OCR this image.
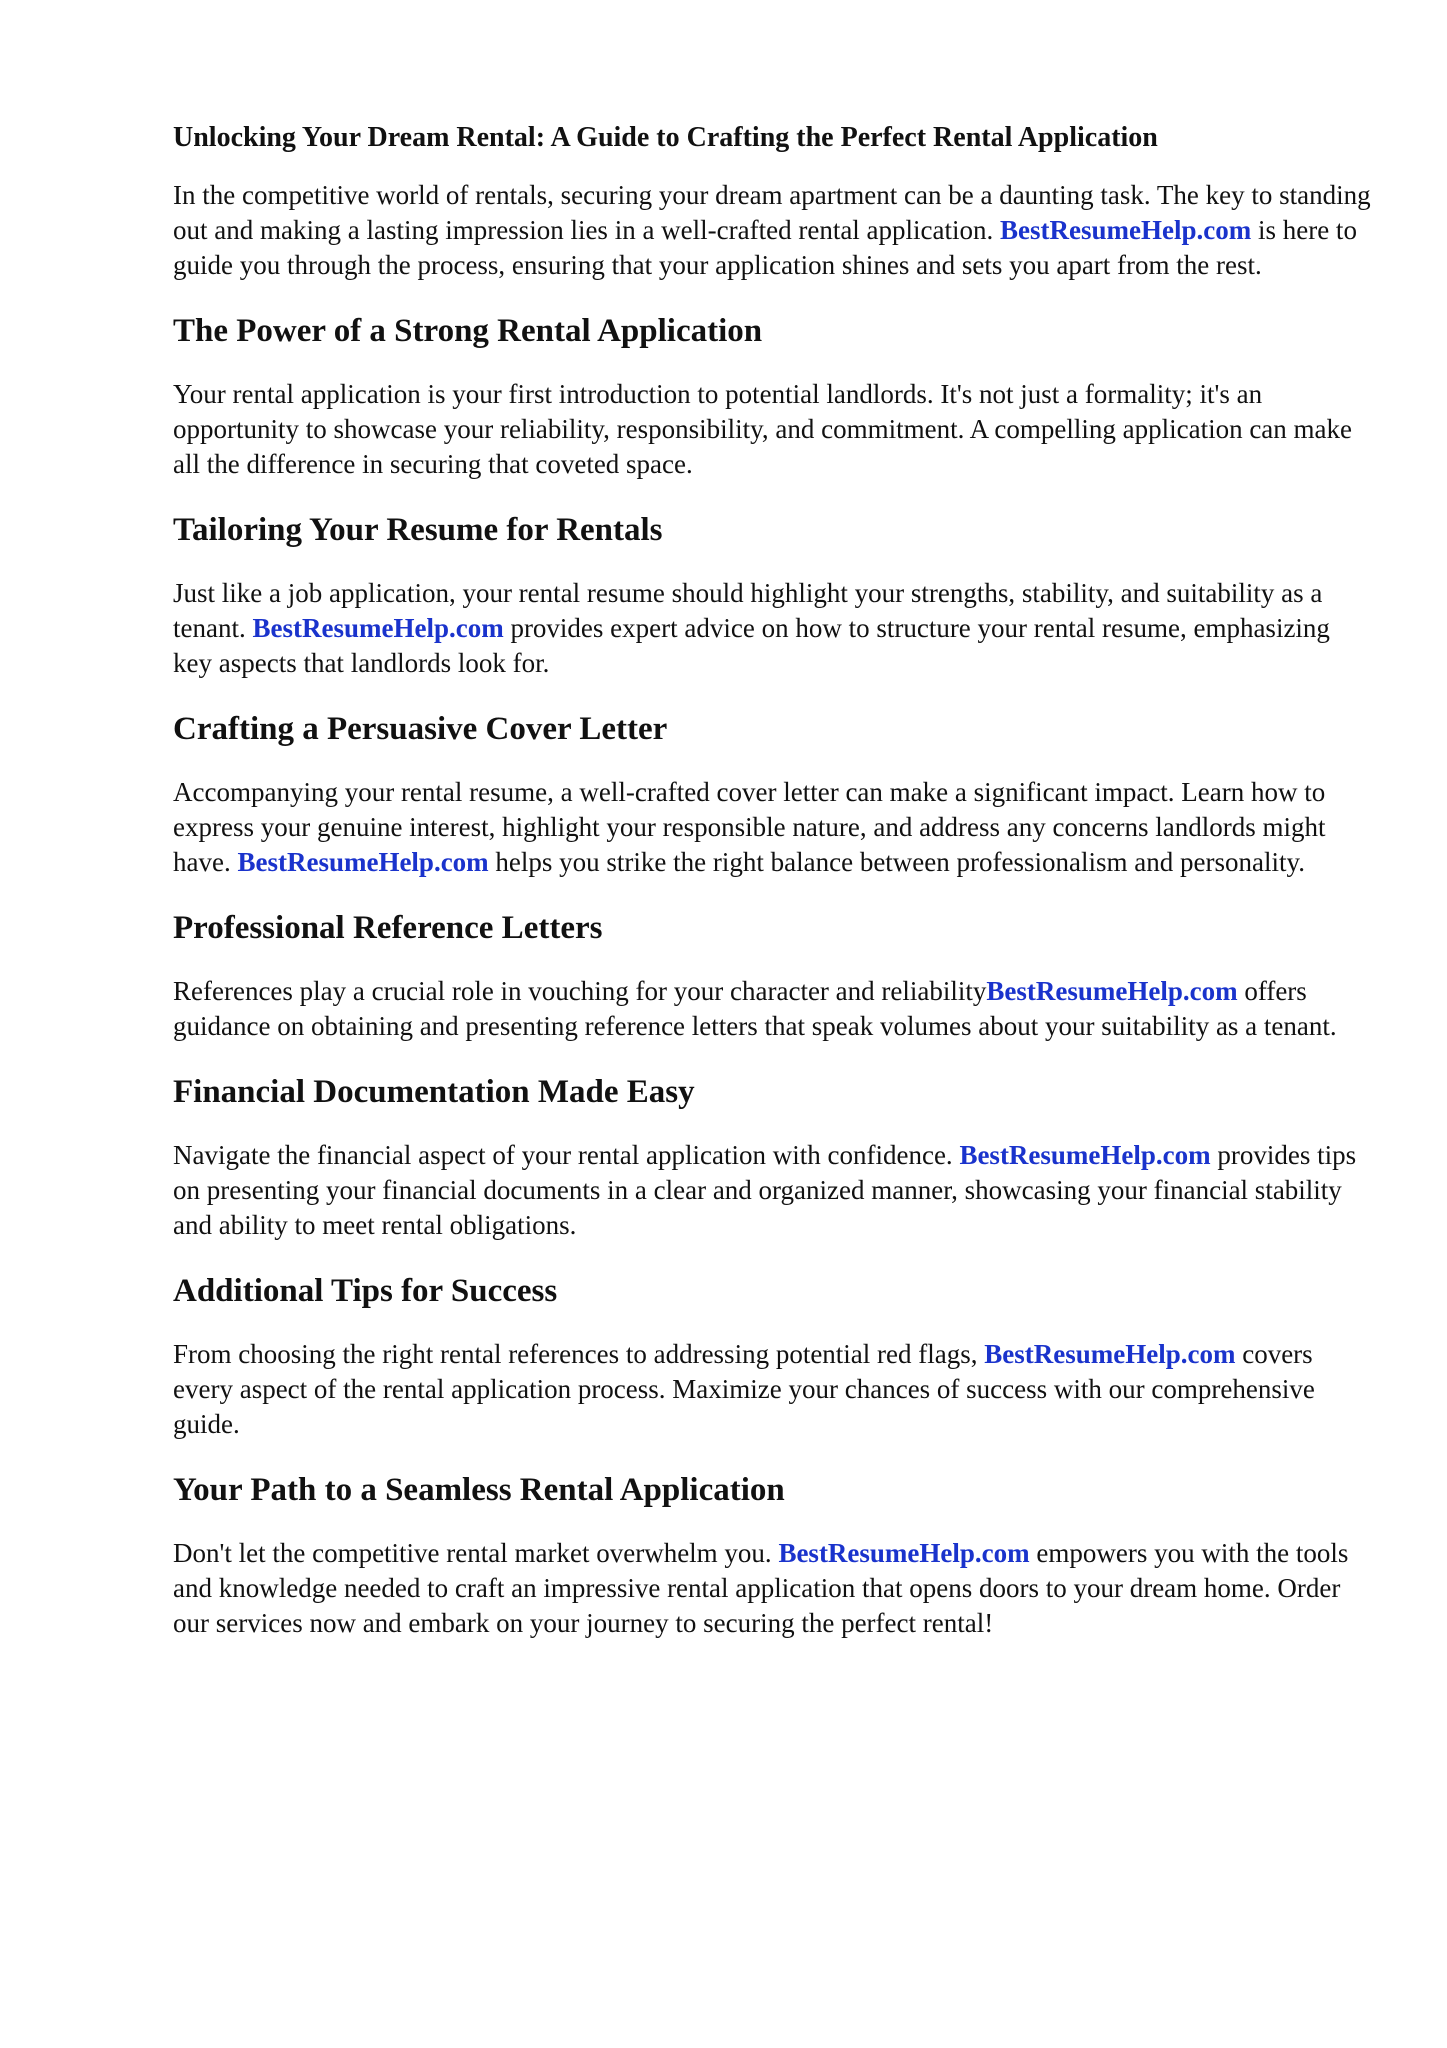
Unlocking Your Dream Rental: A Guide to Crafting the Perfect Rental Application

In the competitive world of rentals, securing your dream apartment can be a daunting task. The key to standing out and making a lasting impression lies in a well-crafted rental application. BestResumeHelp.com is here to guide you through the process, ensuring that your application shines and sets you apart from the rest.

The Power of a Strong Rental Application

Your rental application is your first introduction to potential landlords. It's not just a formality; it's an opportunity to showcase your reliability, responsibility, and commitment. A compelling application can make all the difference in securing that coveted space.

Tailoring Your Resume for Rentals

Just like a job application, your rental resume should highlight your strengths, stability, and suitability as a tenant. BestResumeHelp.com provides expert advice on how to structure your rental resume, emphasizing key aspects that landlords look for.

Crafting a Persuasive Cover Letter

Accompanying your rental resume, a well-crafted cover letter can make a significant impact. Learn how to express your genuine interest, highlight your responsible nature, and address any concerns landlords might have. BestResumeHelp.com helps you strike the right balance between professionalism and personality.

Professional Reference Letters

References play a crucial role in vouching for your character and reliabilityBestResumeHelp.com offers guidance on obtaining and presenting reference letters that speak volumes about your suitability as a tenant.

Financial Documentation Made Easy

Navigate the financial aspect of your rental application with confidence. BestResumeHelp.com provides tips on presenting your financial documents in a clear and organized manner, showcasing your financial stability and ability to meet rental obligations.

Additional Tips for Success

From choosing the right rental references to addressing potential red flags, BestResumeHelp.com covers every aspect of the rental application process. Maximize your chances of success with our comprehensive guide.

Your Path to a Seamless Rental Application

Don't let the competitive rental market overwhelm you. BestResumeHelp.com empowers you with the tools and knowledge needed to craft an impressive rental application that opens doors to your dream home. Order our services now and embark on your journey to securing the perfect rental!
